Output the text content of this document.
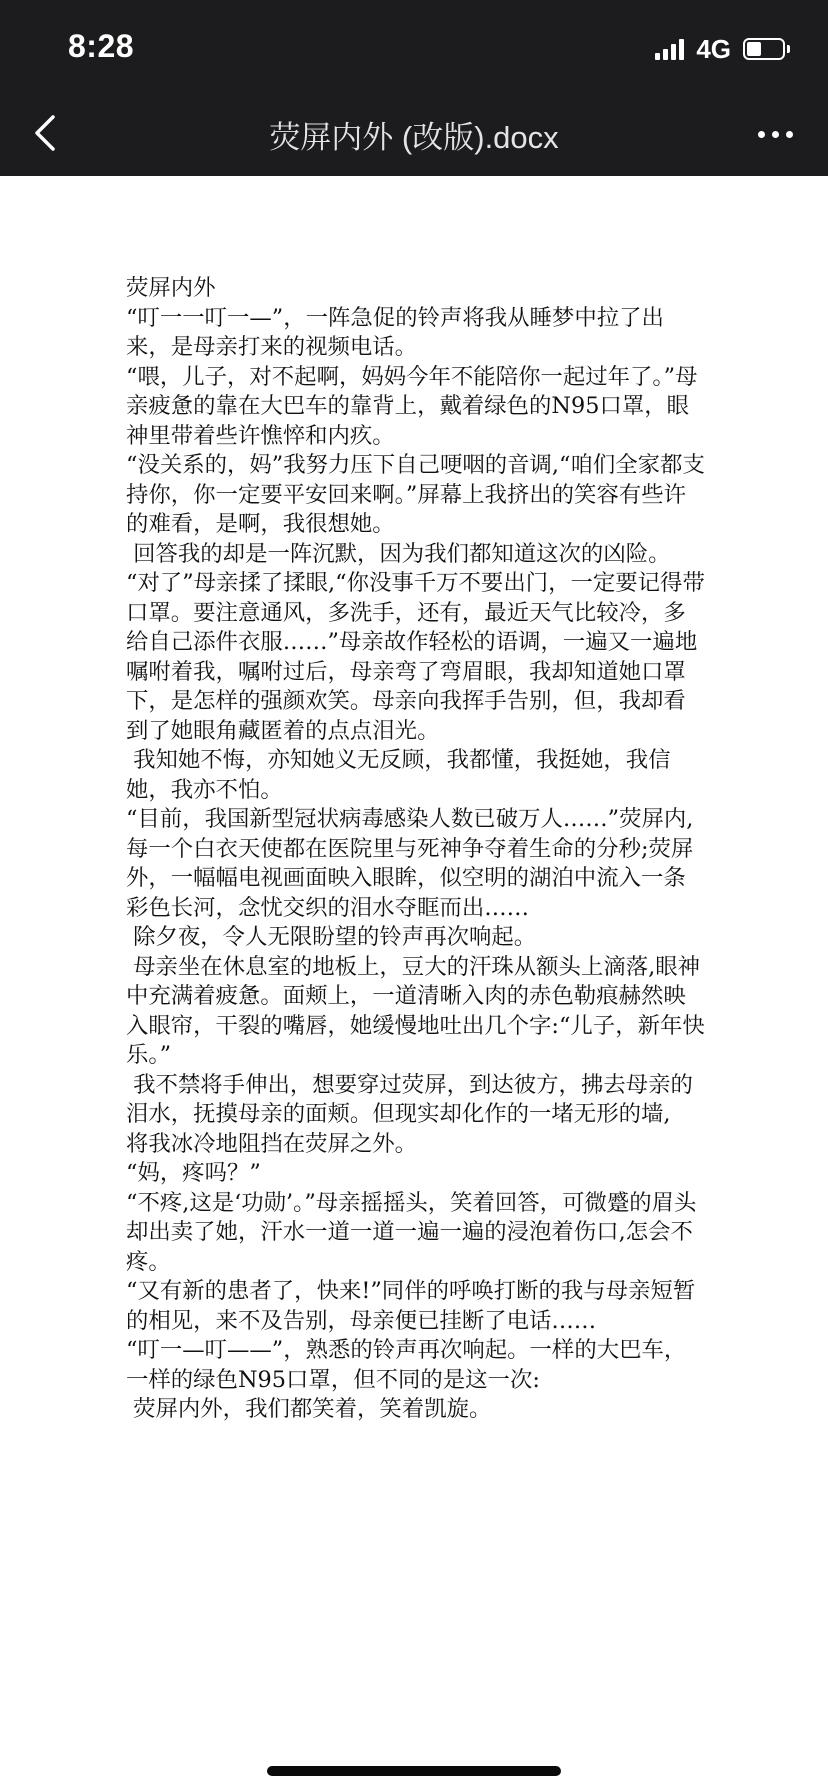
8:28	4G
荧屏内外 (改版).docx

荧屏内外

“叮一一叮一—”，一阵急促的铃声将我从睡梦中拉了出来，是母亲打来的视频电话。

“喂，儿子，对不起啊，妈妈今年不能陪你一起过年了。”母亲疲惫的靠在大巴车的靠背上，戴着绿色的N95口罩，眼神里带着些许憔悴和内疚。

“没关系的，妈”我努力压下自己哽咽的音调,“咱们全家都支持你，你一定要平安回来啊。”屏幕上我挤出的笑容有些许的难看，是啊，我很想她。

回答我的却是一阵沉默，因为我们都知道这次的凶险。

“对了”母亲揉了揉眼,“你没事千万不要出门，一定要记得带口罩。要注意通风，多洗手，还有，最近天气比较冷，多给自己添件衣服……”母亲故作轻松的语调，一遍又一遍地嘱咐着我，嘱咐过后，母亲弯了弯眉眼，我却知道她口罩下，是怎样的强颜欢笑。母亲向我挥手告别，但，我却看到了她眼角藏匿着的点点泪光。

我知她不悔，亦知她义无反顾，我都懂，我挺她，我信她，我亦不怕。

“目前，我国新型冠状病毒感染人数已破万人……”荧屏内,每一个白衣天使都在医院里与死神争夺着生命的分秒;荧屏外，一幅幅电视画面映入眼眸，似空明的湖泊中流入一条彩色长河，念忧交织的泪水夺眶而出……

除夕夜，令人无限盼望的铃声再次响起。

母亲坐在休息室的地板上，豆大的汗珠从额头上滴落,眼神中充满着疲惫。面颊上，一道清晰入肉的赤色勒痕赫然映入眼帘，干裂的嘴唇，她缓慢地吐出几个字:“儿子，新年快乐。”

我不禁将手伸出，想要穿过荧屏，到达彼方，拂去母亲的泪水，抚摸母亲的面颊。但现实却化作的一堵无形的墙,

将我冰冷地阻挡在荧屏之外。

“妈，疼吗？”

“不疼,这是‘功勋’。”母亲摇摇头，笑着回答，可微蹙的眉头却出卖了她，汗水一道一道一遍一遍的浸泡着伤口,怎会不疼。

“又有新的患者了，快来!”同伴的呼唤打断的我与母亲短暂的相见，来不及告别，母亲便已挂断了电话……

“叮一—叮——”，熟悉的铃声再次响起。一样的大巴车，一样的绿色N95口罩，但不同的是这一次:

荧屏内外，我们都笑着，笑着凯旋。
